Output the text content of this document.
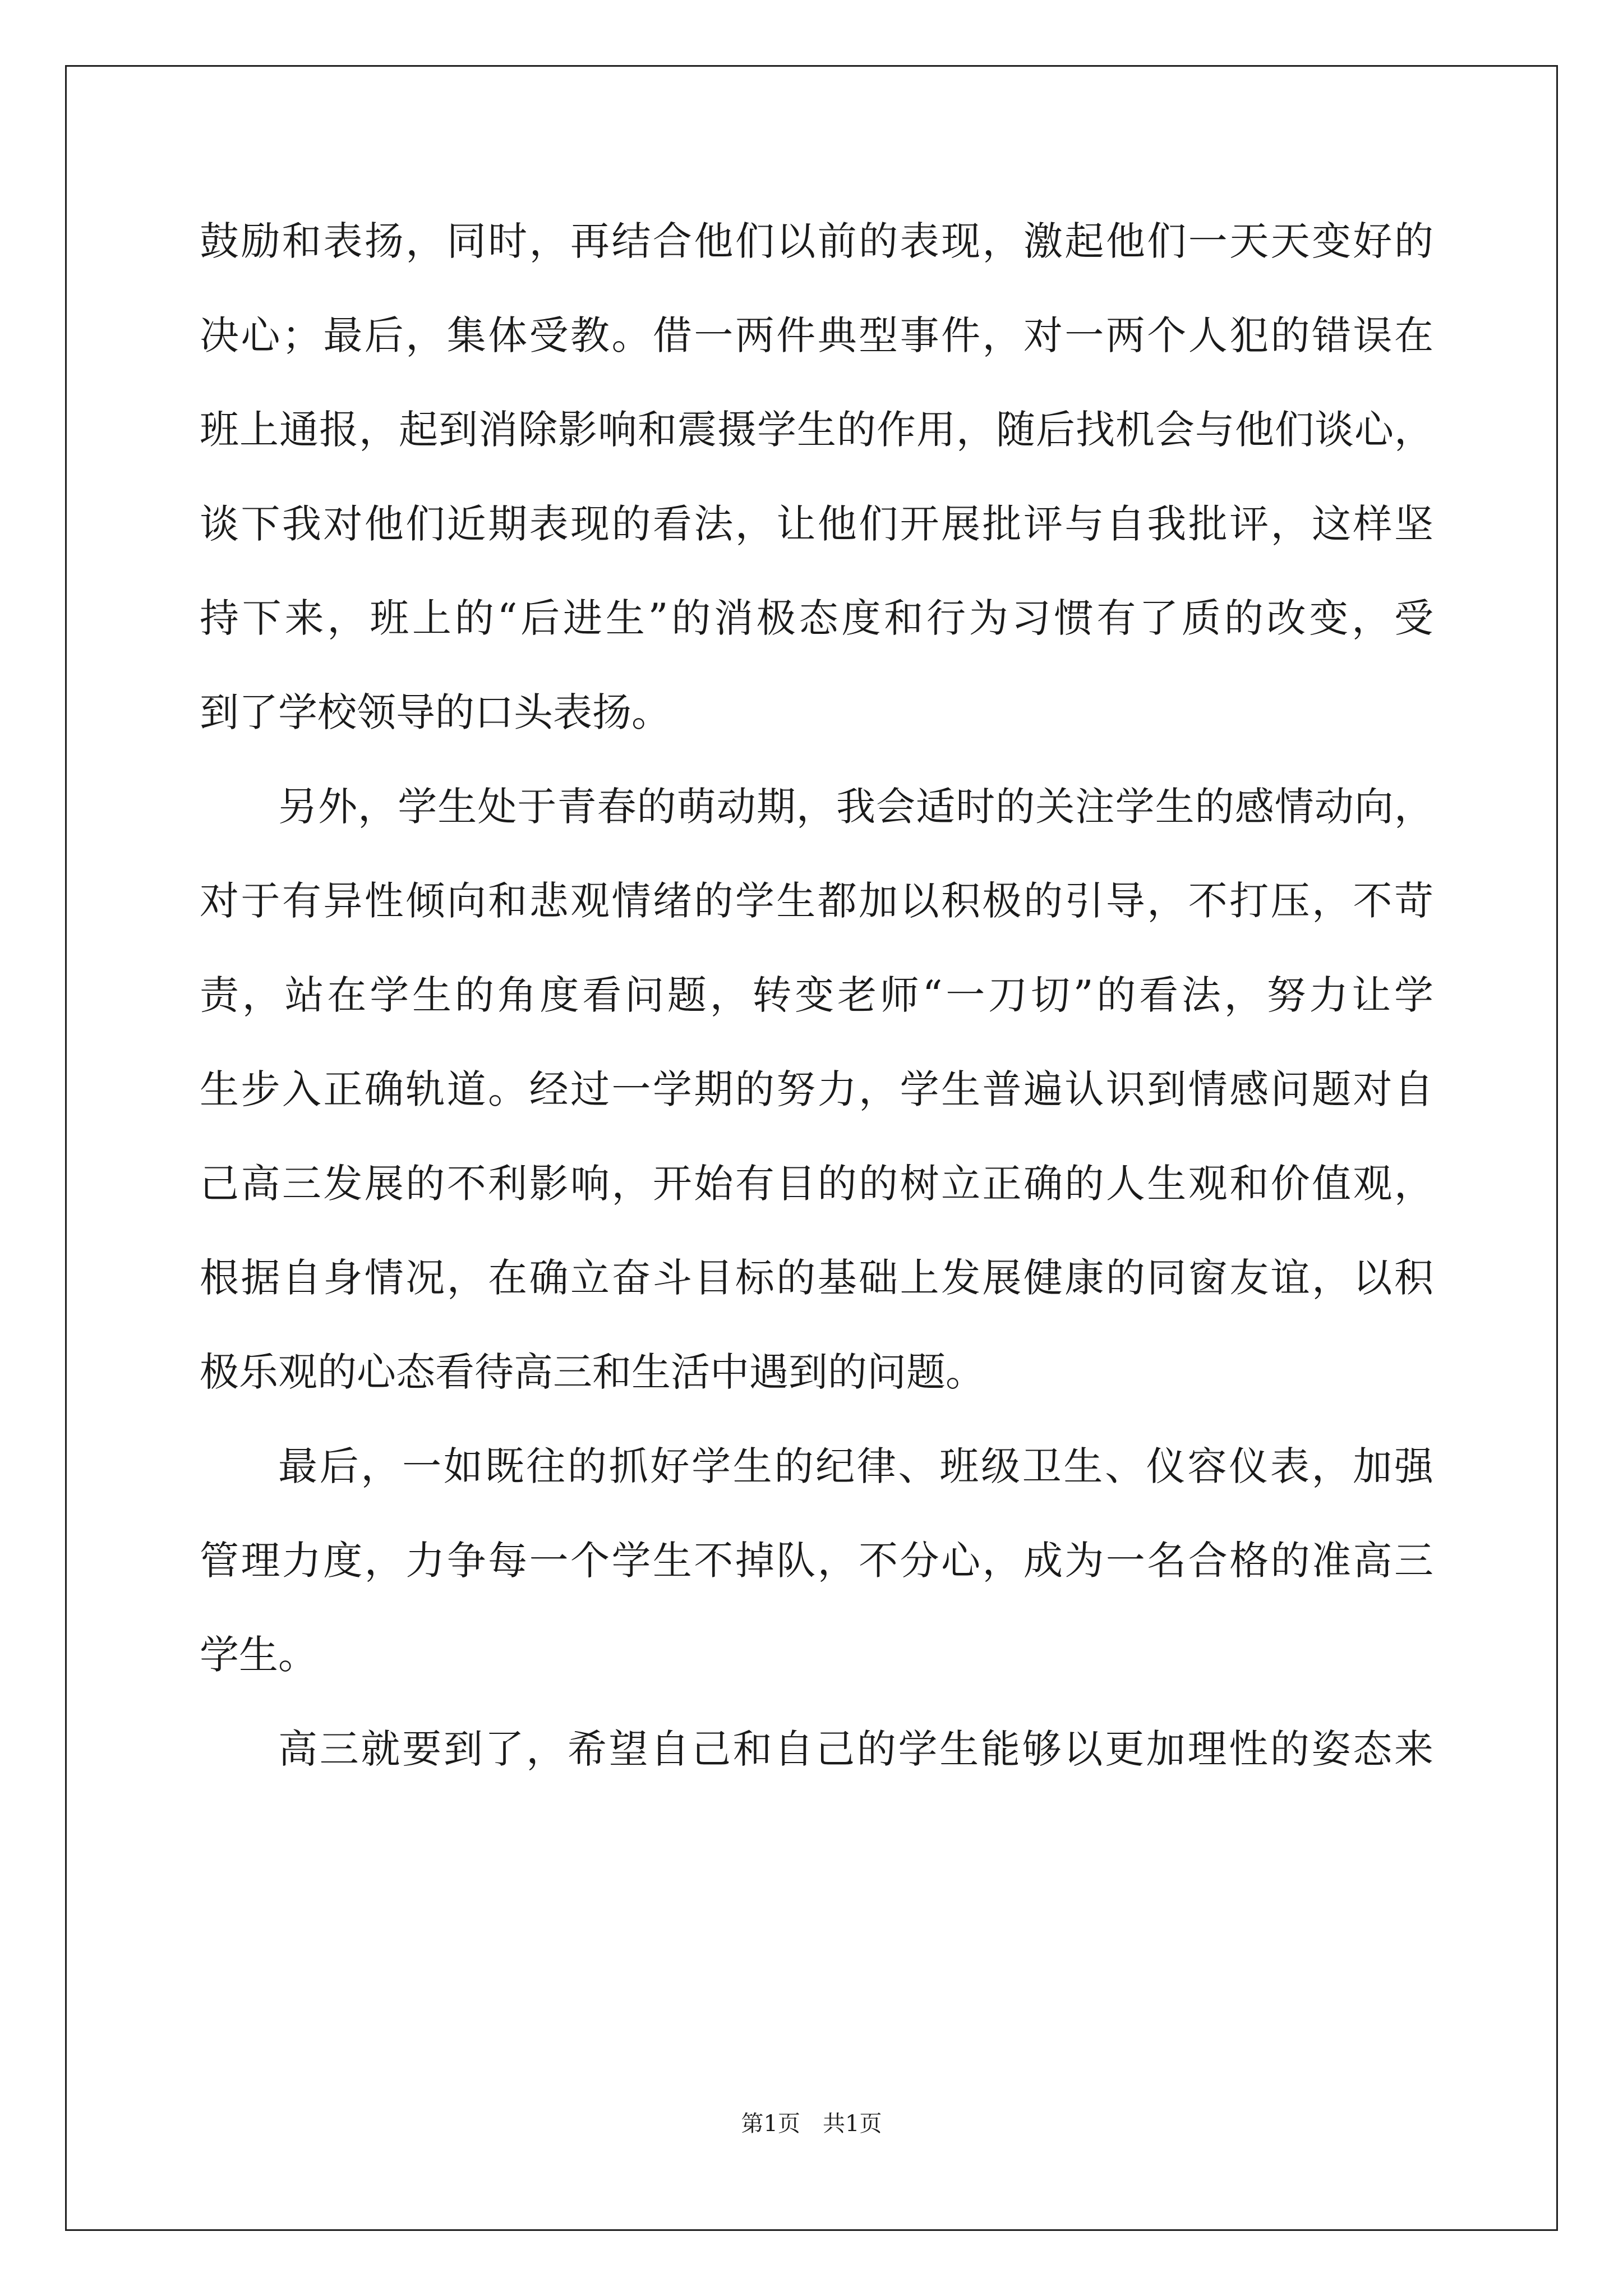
鼓励和表扬，同时，再结合他们以前的表现，激起他们一天天变好的
决心；最后，集体受教。借一两件典型事件，对一两个人犯的错误在
班上通报，起到消除影响和震摄学生的作用，随后找机会与他们谈心，
谈下我对他们近期表现的看法，让他们开展批评与自我批评，这样坚
持下来，班上的“后进生”的消极态度和行为习惯有了质的改变，受
到了学校领导的口头表扬。
另外，学生处于青春的萌动期，我会适时的关注学生的感情动向，
对于有异性倾向和悲观情绪的学生都加以积极的引导，不打压，不苛
责，站在学生的角度看问题，转变老师“一刀切”的看法，努力让学
生步入正确轨道。经过一学期的努力，学生普遍认识到情感问题对自
己高三发展的不利影响，开始有目的的树立正确的人生观和价值观，
根据自身情况，在确立奋斗目标的基础上发展健康的同窗友谊，以积
极乐观的心态看待高三和生活中遇到的问题。
最后，一如既往的抓好学生的纪律、班级卫生、仪容仪表，加强
管理力度，力争每一个学生不掉队，不分心，成为一名合格的准高三
学生。
高三就要到了，希望自己和自己的学生能够以更加理性的姿态来
第1页　共1页
